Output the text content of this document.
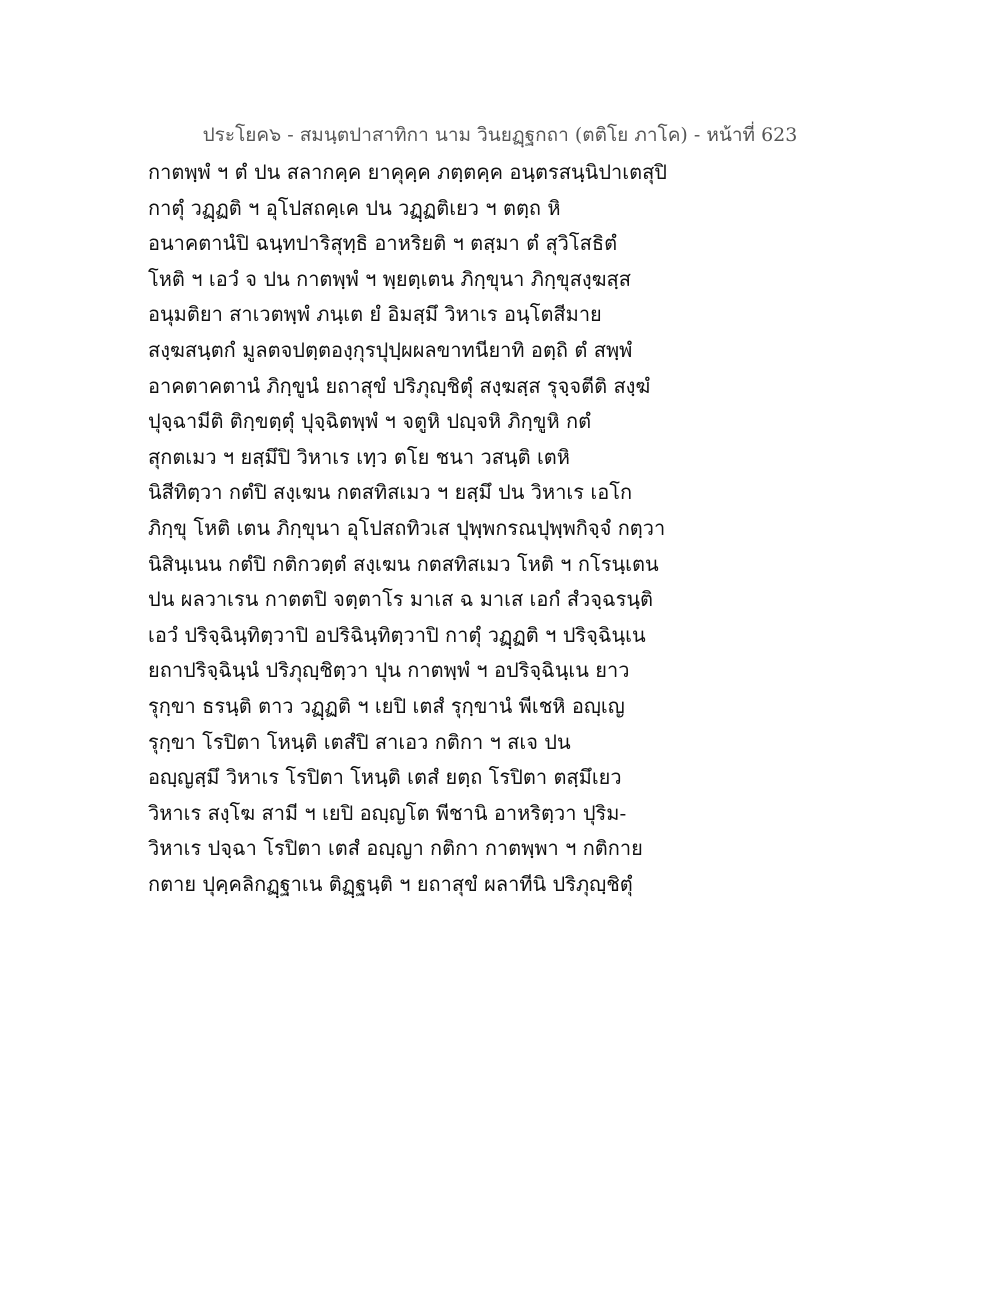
ประโยค๖ - สมนฺตปาสาทิกา นาม วินยฏฺฐกถา (ตติโย ภาโค) - หน้าที่ 623
กาตพฺพํ ฯ ตํ ปน สลากคฺค ยาคุคฺค ภตฺตคฺค อนฺตรสนฺนิปาเตสุปิ
กาตุํ วฏฺฏติ ฯ อุโปสถคฺเค ปน วฏฺฏติเยว ฯ ตตฺถ หิ
อนาคตานํปิ ฉนฺทปาริสุทฺธิ อาหริยติ ฯ ตสฺมา ตํ สุวิโสธิตํ
โหติ ฯ เอวํ จ ปน กาตพฺพํ ฯ พฺยตฺเตน ภิกฺขุนา ภิกฺขุสงฺฆสฺส
อนุมติยา สาเวตพฺพํ ภนฺเต ยํ อิมสฺมึ วิหาเร อนฺโตสีมาย
สงฺฆสนฺตกํ มูลตจปตฺตองฺกุรปุปฺผผลขาทนียาทิ อตฺถิ ตํ สพฺพํ
อาคตาคตานํ ภิกฺขูนํ ยถาสุขํ ปริภุญฺชิตุํ สงฺฆสฺส รุจฺจตีติ สงฺฆํ
ปุจฺฉามีติ ติกฺขตฺตุํ ปุจฺฉิตพฺพํ ฯ จตูหิ ปญฺจหิ ภิกฺขูหิ กตํ
สุกตเมว ฯ ยสฺมึปิ วิหาเร เทฺว ตโย ชนา วสนฺติ เตหิ
นิสีทิตฺวา กตํปิ สงฺเฆน กตสทิสเมว ฯ ยสฺมึ ปน วิหาเร เอโก
ภิกฺขุ โหติ เตน ภิกฺขุนา อุโปสถทิวเส ปุพฺพกรณปุพฺพกิจฺจํ กตฺวา
นิสินฺเนน กตํปิ กติกวตฺตํ สงฺเฆน กตสทิสเมว โหติ ฯ กโรนฺเตน
ปน ผลวาเรน กาตตปิ จตฺตาโร มาเส ฉ มาเส เอกํ สํวจฺฉรนฺติ
เอวํ ปริจฺฉินฺทิตฺวาปิ อปริฉินฺทิตฺวาปิ กาตุํ วฏฺฏติ ฯ ปริจฺฉินฺเน
ยถาปริจฺฉินฺนํ ปริภุญฺชิตฺวา ปุน กาตพฺพํ ฯ อปริจฺฉินฺเน ยาว
รุกฺขา ธรนฺติ ตาว วฏฺฏติ ฯ เยปิ เตสํ รุกฺขานํ พีเชหิ อญฺเญ
รุกฺขา โรปิตา โหนฺติ เตสํปิ สาเอว กติกา ฯ สเจ ปน
อญฺญสฺมึ วิหาเร โรปิตา โหนฺติ เตสํ ยตฺถ โรปิตา ตสฺมึเยว
วิหาเร สงฺโฆ สามี ฯ เยปิ อญฺญโต พีชานิ อาหริตฺวา ปุริม-
วิหาเร ปจฺฉา โรปิตา เตสํ อญฺญา กติกา กาตพฺพา ฯ กติกาย
กตาย ปุคฺคลิกฏฺฐาเน ติฏฺฐนฺติ ฯ ยถาสุขํ ผลาทีนิ ปริภุญฺชิตุํ
